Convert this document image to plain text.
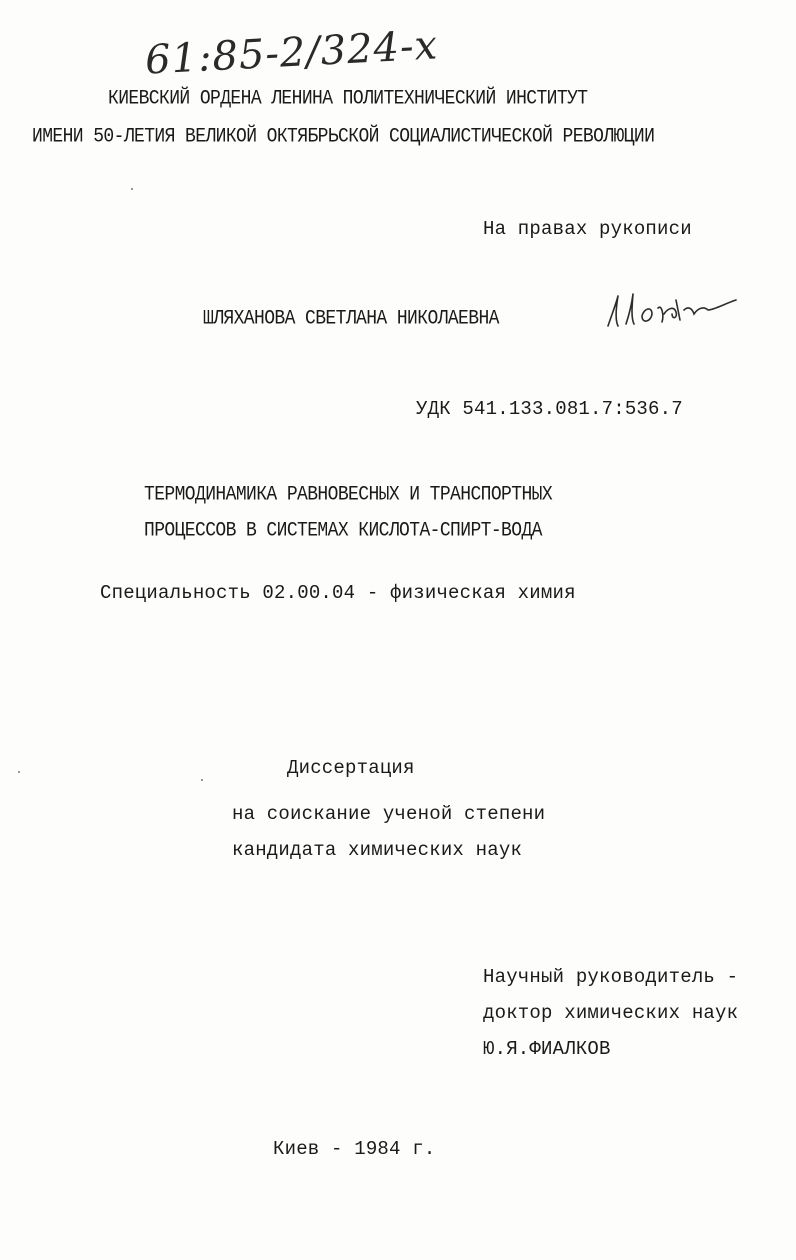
61:85-2/324-x
КИЕВСКИЙ ОРДЕНА ЛЕНИНА ПОЛИТЕХНИЧЕСКИЙ ИНСТИТУТ
ИМЕНИ 50-ЛЕТИЯ ВЕЛИКОЙ ОКТЯБРЬСКОЙ СОЦИАЛИСТИЧЕСКОЙ РЕВОЛЮЦИИ
На правах рукописи
ШЛЯХАНОВА СВЕТЛАНА НИКОЛАЕВНА
УДК 541.133.081.7:536.7
ТЕРМОДИНАМИКА РАВНОВЕСНЫХ И ТРАНСПОРТНЫХ
ПРОЦЕССОВ В СИСТЕМАХ КИСЛОТА-СПИРТ-ВОДА
Специальность 02.00.04 - физическая химия
Диссертация
на соискание ученой степени
кандидата химических наук
Научный руководитель -
доктор химических наук
Ю.Я.ФИАЛКОВ
Киев - 1984 г.
